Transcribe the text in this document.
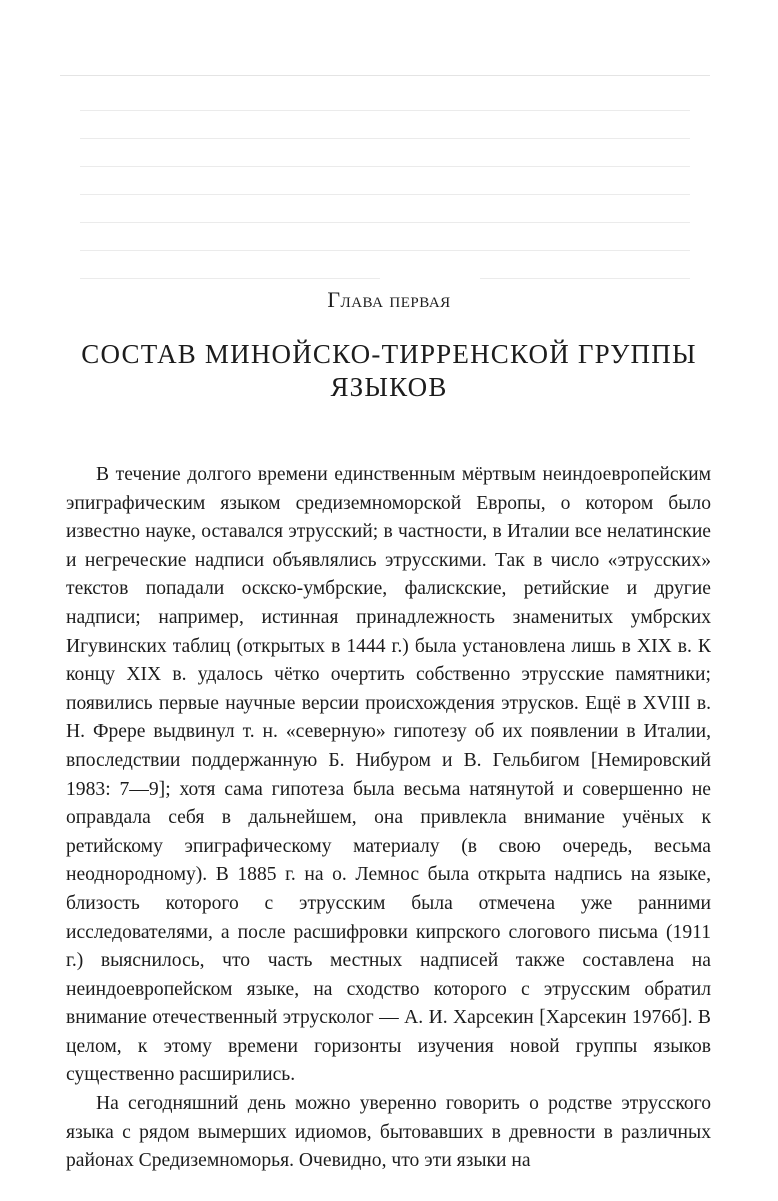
Глава первая
СОСТАВ МИНОЙСКО-ТИРРЕНСКОЙ ГРУППЫ ЯЗЫКОВ

В течение долгого времени единственным мёртвым неиндоевропейским эпиграфическим языком средиземноморской Европы, о котором было известно науке, оставался этрусский; в частности, в Италии все нелатинские и негреческие надписи объявлялись этрусскими. Так в число «этрусских» текстов попадали оскско-умбрские, фалискские, ретийские и другие надписи; например, истинная принадлежность знаменитых умбрских Игувинских таблиц (открытых в 1444 г.) была установлена лишь в XIX в. К концу XIX в. удалось чётко очертить собственно этрусские памятники; появились первые научные версии происхождения этрусков. Ещё в XVIII в. Н. Фрере выдвинул т. н. «северную» гипотезу об их появлении в Италии, впоследствии поддержанную Б. Нибуром и В. Гельбигом [Немировский 1983: 7—9]; хотя сама гипотеза была весьма натянутой и совершенно не оправдала себя в дальнейшем, она привлекла внимание учёных к ретийскому эпиграфическому материалу (в свою очередь, весьма неоднородному). В 1885 г. на о. Лемнос была открыта надпись на языке, близость которого с этрусским была отмечена уже ранними исследователями, а после расшифровки кипрского слогового письма (1911 г.) выяснилось, что часть местных надписей также составлена на неиндоевропейском языке, на сходство которого с этрусским обратил внимание отечественный этрусколог — А. И. Харсекин [Харсекин 1976б]. В целом, к этому времени горизонты изучения новой группы языков существенно расширились.

На сегодняшний день можно уверенно говорить о родстве этрусского языка с рядом вымерших идиомов, бытовавших в древности в различных районах Средиземноморья. Очевидно, что эти языки на
